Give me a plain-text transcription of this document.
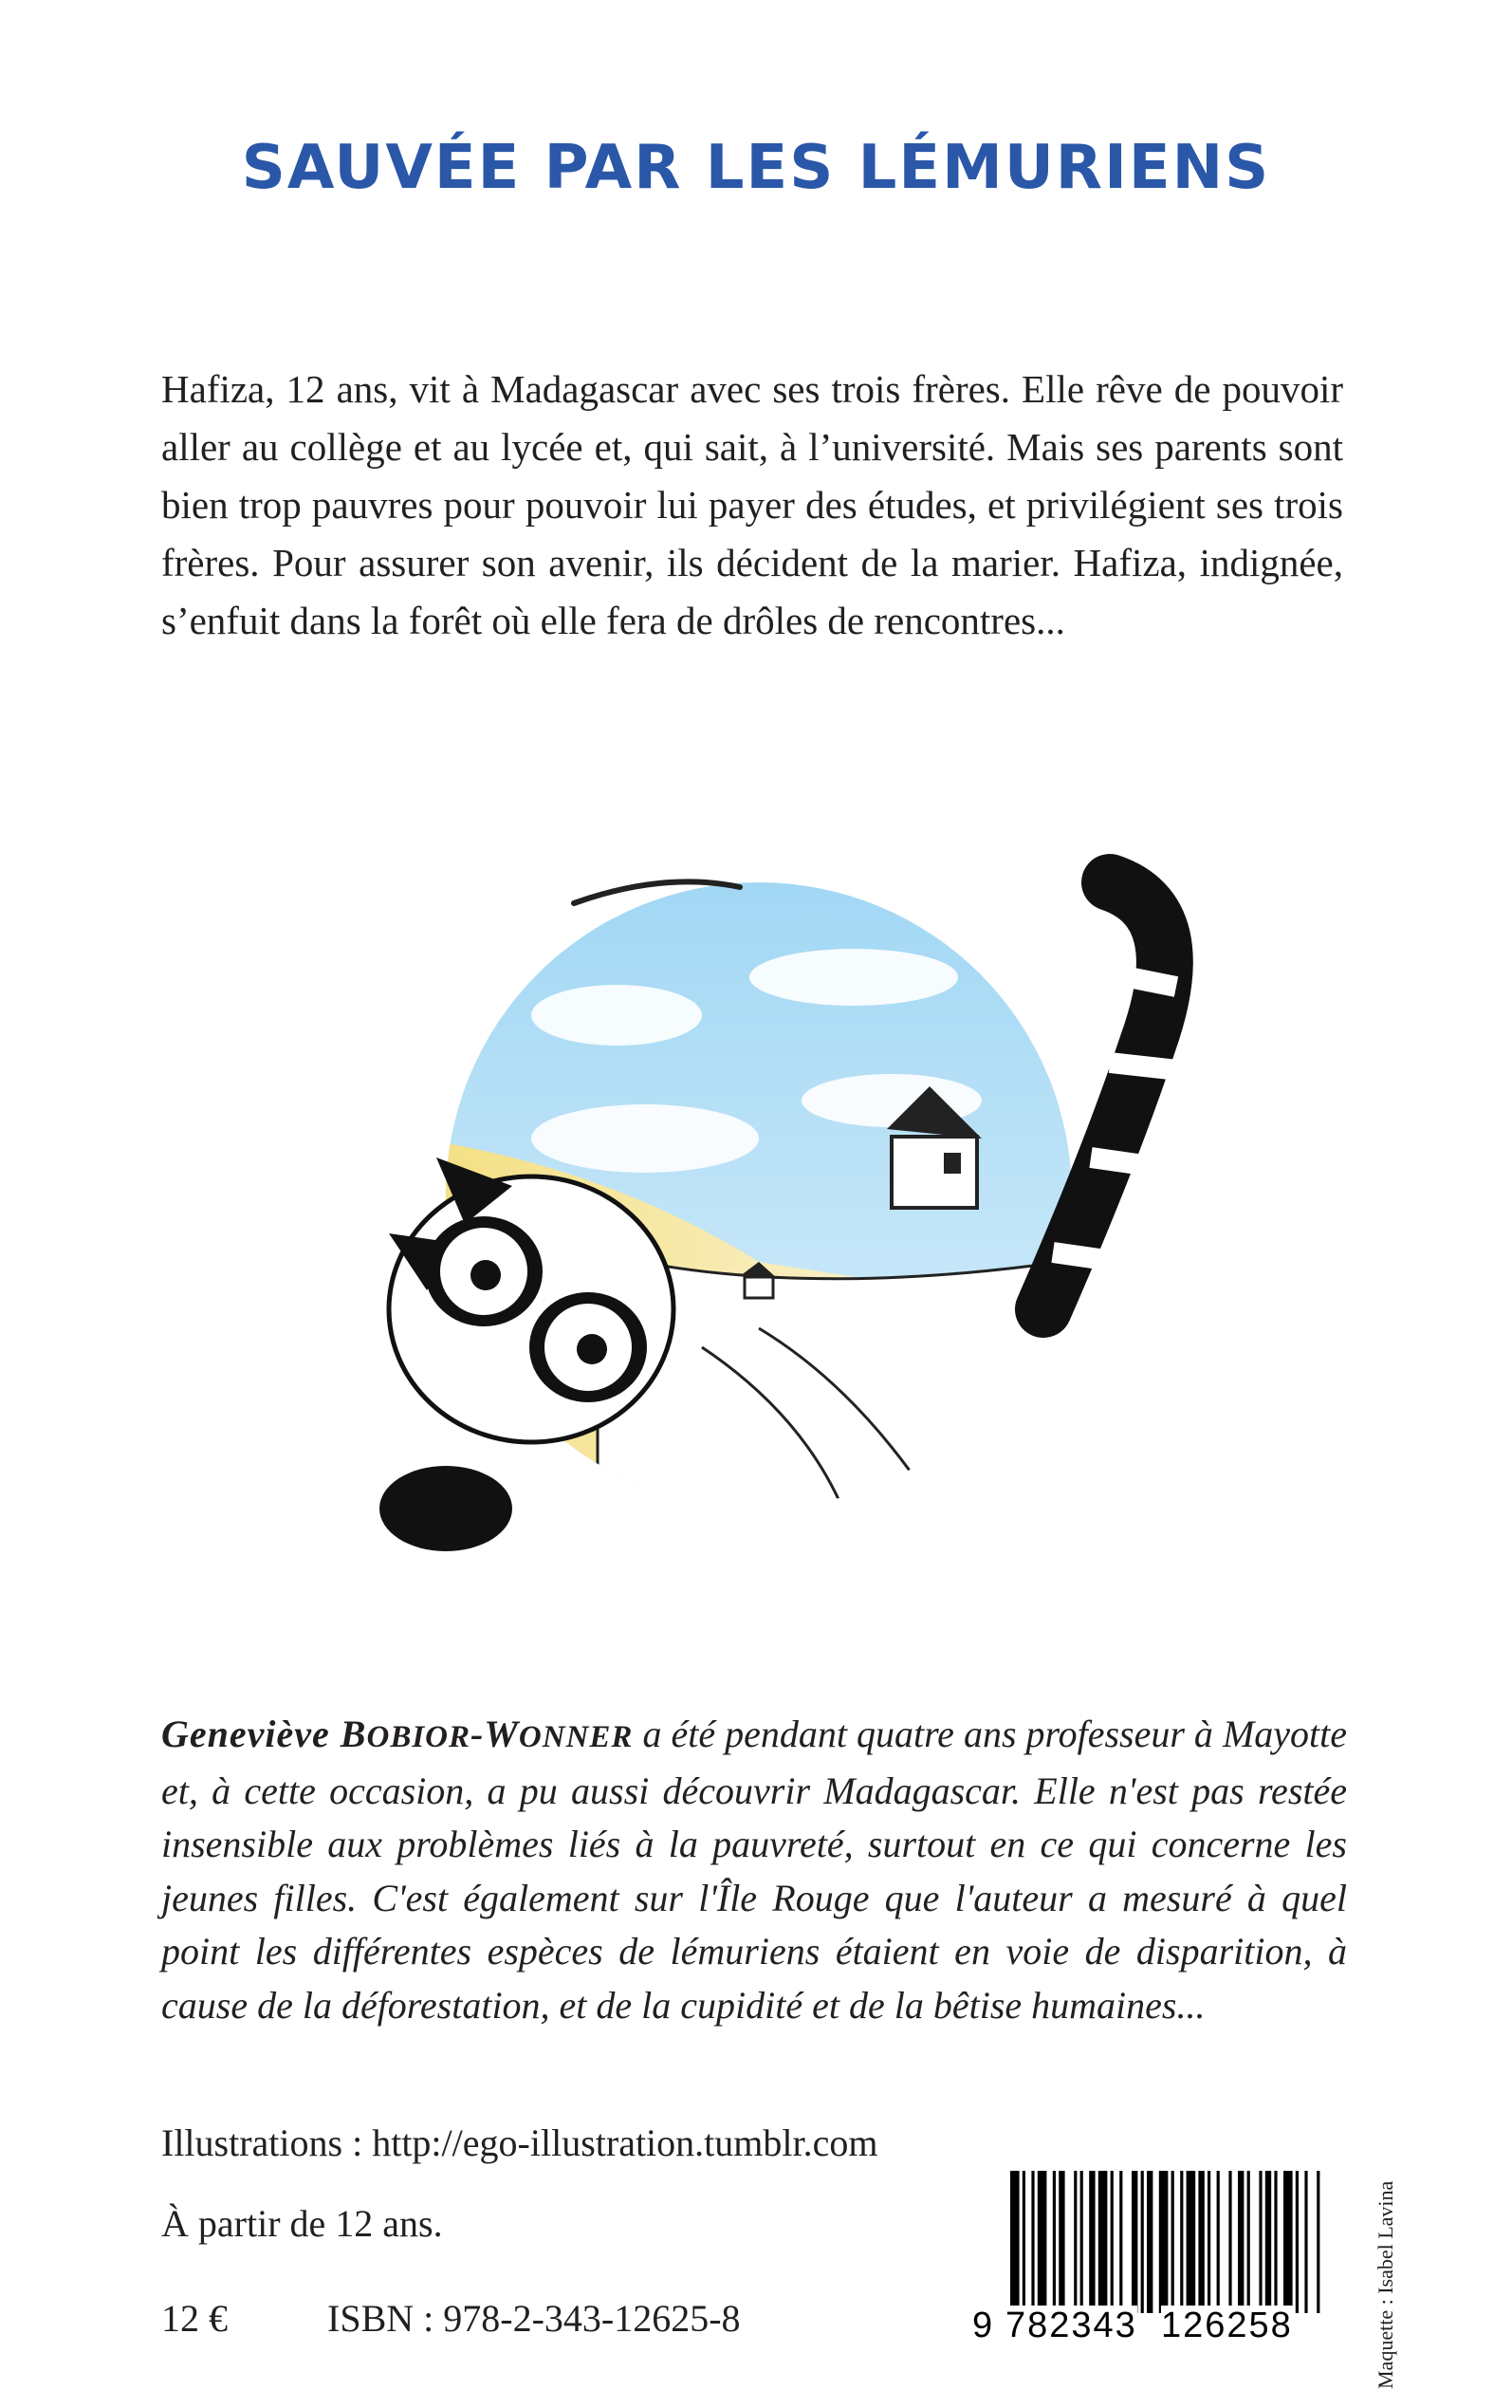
SAUVÉE PAR LES LÉMURIENS
Hafiza, 12 ans, vit à Madagascar avec ses trois frères. Elle rêve de pouvoir aller au collège et au lycée et, qui sait, à l’université. Mais ses parents sont bien trop pauvres pour pouvoir lui payer des études, et privilégient ses trois frères. Pour assurer son avenir, ils décident de la marier. Hafiza, indignée, s’enfuit dans la forêt où elle fera de drôles de rencontres...
Geneviève BOBIOR-WONNER a été pendant quatre ans professeur à Mayotte et, à cette occasion, a pu aussi découvrir Madagascar. Elle n'est pas restée insensible aux problèmes liés à la pauvreté, surtout en ce qui concerne les jeunes filles. C'est également sur l'Île Rouge que l'auteur a mesuré à quel point les différentes espèces de lémuriens étaient en voie de disparition, à cause de la déforestation, et de la cupidité et de la bêtise humaines...
Illustrations : http://ego-illustration.tumblr.com
À partir de 12 ans.
12 €	ISBN : 978-2-343-12625-8	9 782343 126258	Maquette : Isabel Lavina
